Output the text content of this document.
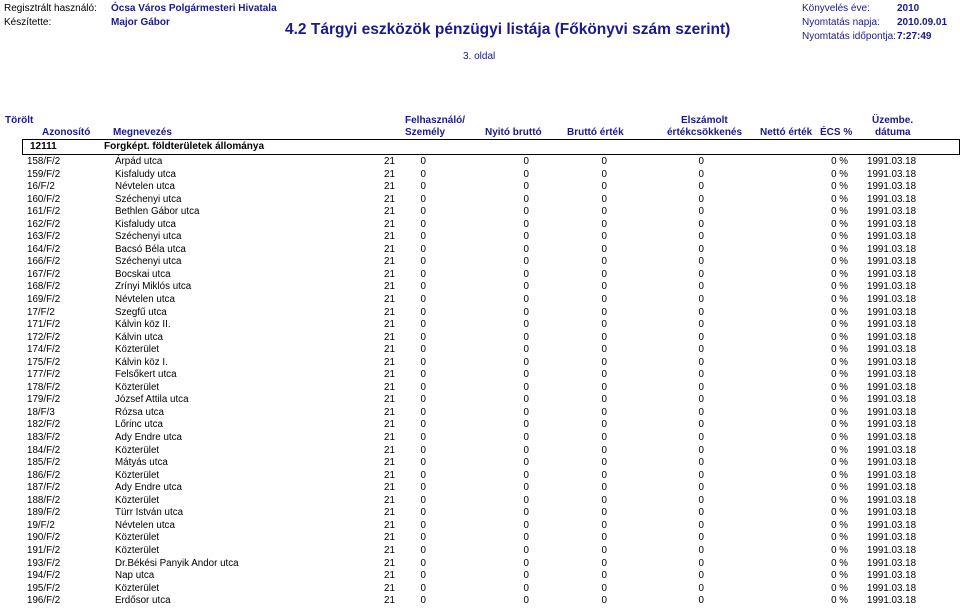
Regisztrált használó: Ócsa Város Polgármesteri Hivatala
Készítette:	Major Gábor	4.2 Tárgyi eszközök pénzügyi listája (Főkönyvi szám szerint)
3. oldal
Könyvelés éve:	2010
Nyomtatás napja: 2010.09.01
Nyomtatás időpontja: 7:27:49
Törölt
Azonosító Megnevezés
Felhasználó/
Személy	Nyitó bruttó	Bruttó érték
Elszámolt
értékcsökkenés Nettó érték ÉCS %
Üzembe.
dátuma
12111	Forgképt. földterületek állománya
158/F/2	Árpád utca	21	0	0	0	0	0 % 1991.03.18
159/F/2	Kisfaludy utca	21	0	0	0	0	0 % 1991.03.18
16/F/2	Névtelen utca	21	0	0	0	0	0 % 1991.03.18
160/F/2	Széchenyi utca	21	0	0	0	0	0 % 1991.03.18
161/F/2	Bethlen Gábor utca	21	0	0	0	0	0 % 1991.03.18
162/F/2	Kisfaludy utca	21	0	0	0	0	0 % 1991.03.18
163/F/2	Széchenyi utca	21	0	0	0	0	0 % 1991.03.18
164/F/2	Bacsó Béla utca	21	0	0	0	0	0 % 1991.03.18
166/F/2	Széchenyi utca	21	0	0	0	0	0 % 1991.03.18
167/F/2	Bocskai utca	21	0	0	0	0	0 % 1991.03.18
168/F/2	Zrínyi Miklós utca	21	0	0	0	0	0 % 1991.03.18
169/F/2	Névtelen utca	21	0	0	0	0	0 % 1991.03.18
17/F/2	Szegfű utca	21	0	0	0	0	0 % 1991.03.18
171/F/2	Kálvin köz II.	21	0	0	0	0	0 % 1991.03.18
172/F/2	Kálvin utca	21	0	0	0	0	0 % 1991.03.18
174/F/2	Közterület	21	0	0	0	0	0 % 1991.03.18
175/F/2	Kálvin köz I.	21	0	0	0	0	0 % 1991.03.18
177/F/2	Felsőkert utca	21	0	0	0	0	0 % 1991.03.18
178/F/2	Közterület	21	0	0	0	0	0 % 1991.03.18
179/F/2	József Attila utca	21	0	0	0	0	0 % 1991.03.18
18/F/3	Rózsa utca	21	0	0	0	0	0 % 1991.03.18
182/F/2	Lőrinc utca	21	0	0	0	0	0 % 1991.03.18
183/F/2	Ady Endre utca	21	0	0	0	0	0 % 1991.03.18
184/F/2	Közterület	21	0	0	0	0	0 % 1991.03.18
185/F/2	Mátyás utca	21	0	0	0	0	0 % 1991.03.18
186/F/2	Közterület	21	0	0	0	0	0 % 1991.03.18
187/F/2	Ady Endre utca	21	0	0	0	0	0 % 1991.03.18
188/F/2	Közterület	21	0	0	0	0	0 % 1991.03.18
189/F/2	Türr István utca	21	0	0	0	0	0 % 1991.03.18
19/F/2	Névtelen utca	21	0	0	0	0	0 % 1991.03.18
190/F/2	Közterület	21	0	0	0	0	0 % 1991.03.18
191/F/2	Közterület	21	0	0	0	0	0 % 1991.03.18
193/F/2	Dr.Békési Panyik Andor utca	21	0	0	0	0	0 % 1991.03.18
194/F/2	Nap utca	21	0	0	0	0	0 % 1991.03.18
195/F/2	Közterület	21	0	0	0	0	0 % 1991.03.18
196/F/2	Erdősor utca	21	0	0	0	0	0 % 1991.03.18
